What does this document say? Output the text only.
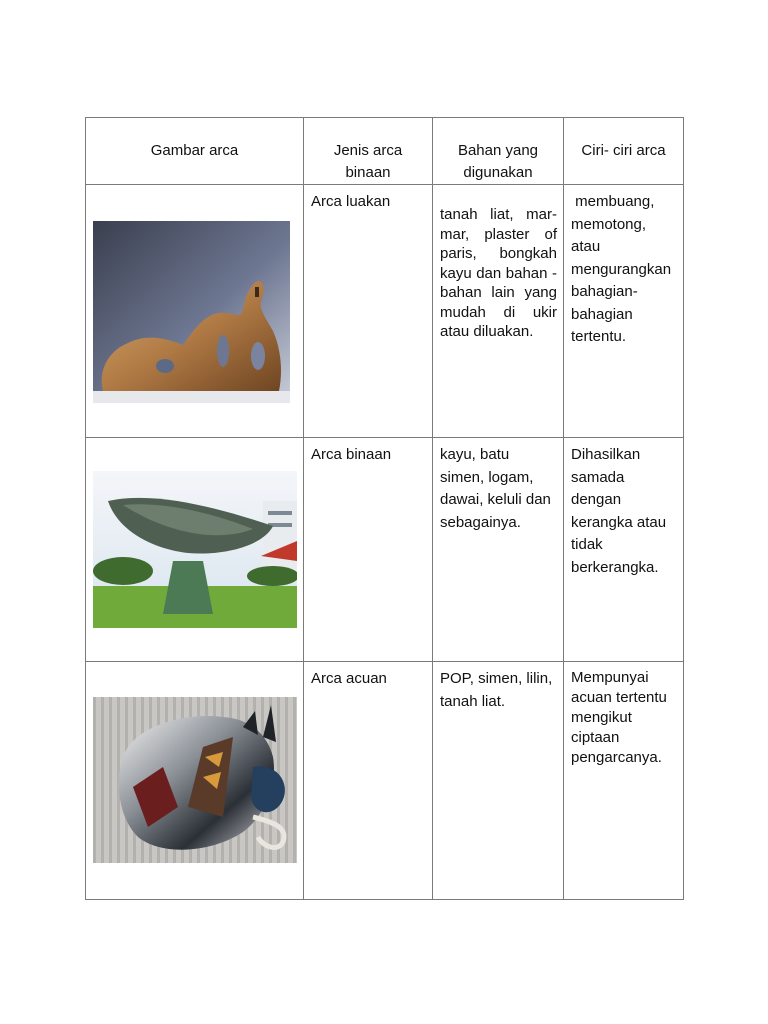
Gambar arca	Jenis arca binaan	Bahan yang digunakan	Ciri- ciri arca

	Arca luakan	tanah liat, mar-mar, plaster of paris, bongkah kayu dan bahan -bahan lain yang mudah di ukir atau diluakan.	membuang, memotong, atau mengurangkan bahagian- bahagian tertentu.

	Arca binaan	kayu, batu simen, logam, dawai, keluli dan sebagainya.	Dihasilkan samada dengan kerangka atau tidak berkerangka.

	Arca acuan	POP, simen, lilin, tanah liat.	Mempunyai acuan tertentu mengikut ciptaan pengarcanya.
